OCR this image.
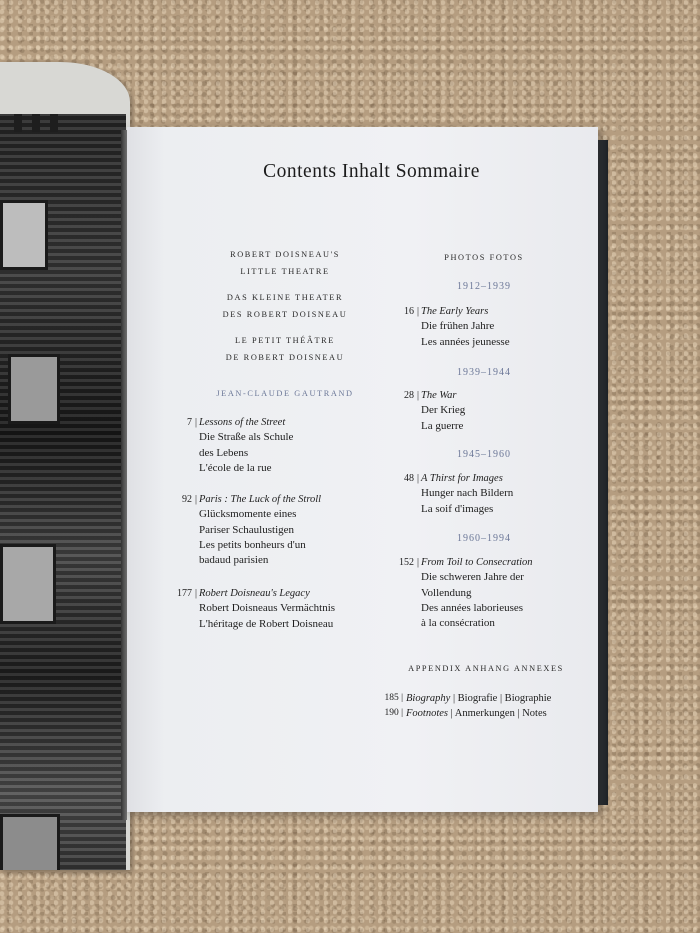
Contents Inhalt Sommaire
ROBERT DOISNEAU'S
LITTLE THEATRE
DAS KLEINE THEATER
DES ROBERT DOISNEAU
LE PETIT THÉÂTRE
DE ROBERT DOISNEAU
JEAN-CLAUDE GAUTRAND
7 | Lessons of the Street
Die Straße als Schule
des Lebens
L'école de la rue
92 | Paris : The Luck of the Stroll
Glücksmomente eines
Pariser Schaulustigen
Les petits bonheurs d'un
badaud parisien
177 | Robert Doisneau's Legacy
Robert Doisneaus Vermächtnis
L'héritage de Robert Doisneau
PHOTOS FOTOS
1912–1939
16 | The Early Years
Die frühen Jahre
Les années jeunesse
1939–1944
28 | The War
Der Krieg
La guerre
1945–1960
48 | A Thirst for Images
Hunger nach Bildern
La soif d'images
1960–1994
152 | From Toil to Consecration
Die schweren Jahre der
Vollendung
Des années laborieuses
à la consécration
APPENDIX ANHANG ANNEXES
185 | Biography | Biografie | Biographie
190 | Footnotes | Anmerkungen | Notes
